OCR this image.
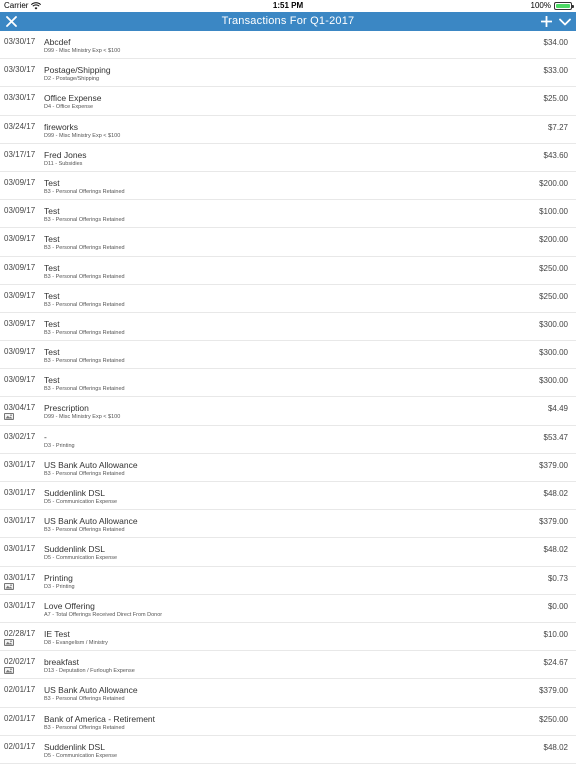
Carrier	1:51 PM	100%
Transactions For Q1-2017
03/30/17 Abcdef
D99 - Misc Ministry Exp < $100
$34.00
03/30/17 Postage/Shipping
D2 - Postage/Shipping
$33.00
03/30/17 Office Expense
D4 - Office Expense
$25.00
03/24/17 fireworks
D99 - Misc Ministry Exp < $100
$7.27
03/17/17 Fred Jones
D11 - Subsidies
$43.60
03/09/17 Test
B3 - Personal Offerings Retained
$200.00
03/09/17 Test
B3 - Personal Offerings Retained
$100.00
03/09/17 Test
B3 - Personal Offerings Retained
$200.00
03/09/17 Test
B3 - Personal Offerings Retained
$250.00
03/09/17 Test
B3 - Personal Offerings Retained
$250.00
03/09/17 Test
B3 - Personal Offerings Retained
$300.00
03/09/17 Test
B3 - Personal Offerings Retained
$300.00
03/09/17 Test
B3 - Personal Offerings Retained
$300.00
03/04/17 Prescription
D99 - Misc Ministry Exp < $100
$4.49
03/02/17 -
D3 - Printing
$53.47
03/01/17 US Bank Auto Allowance
B3 - Personal Offerings Retained
$379.00
03/01/17 Suddenlink DSL
D5 - Communication Expense
$48.02
03/01/17 US Bank Auto Allowance
B3 - Personal Offerings Retained
$379.00
03/01/17 Suddenlink DSL
D5 - Communication Expense
$48.02
03/01/17 Printing
D3 - Printing
$0.73
03/01/17 Love Offering
A7 - Total Offerings Received Direct From Donor
$0.00
02/28/17 IE Test
D8 - Evangelism / Ministry
$10.00
02/02/17 breakfast
D13 - Deputation / Furlough Expense
$24.67
02/01/17 US Bank Auto Allowance
B3 - Personal Offerings Retained
$379.00
02/01/17 Bank of America - Retirement
B3 - Personal Offerings Retained
$250.00
02/01/17 Suddenlink DSL
D5 - Communication Expense
$48.02
